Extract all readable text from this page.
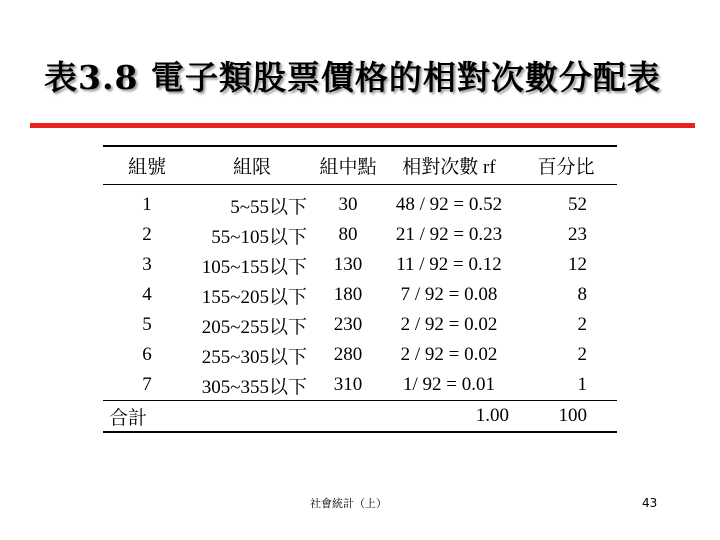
表3.8 電子類股票價格的相對次數分配表
組號	組限	組中點	相對次數 rf	百分比
1	5~55以下	30	48 / 92 = 0.52	52
2	55~105以下	80	21 / 92 = 0.23	23
3	105~155以下	130	11 / 92 = 0.12	12
4	155~205以下	180	7 / 92 = 0.08	8
5	205~255以下	230	2 / 92 = 0.02	2
6	255~305以下	280	2 / 92 = 0.02	2
7	305~355以下	310	1/ 92 = 0.01	1
合計			1.00	100
社會統計（上）	43
